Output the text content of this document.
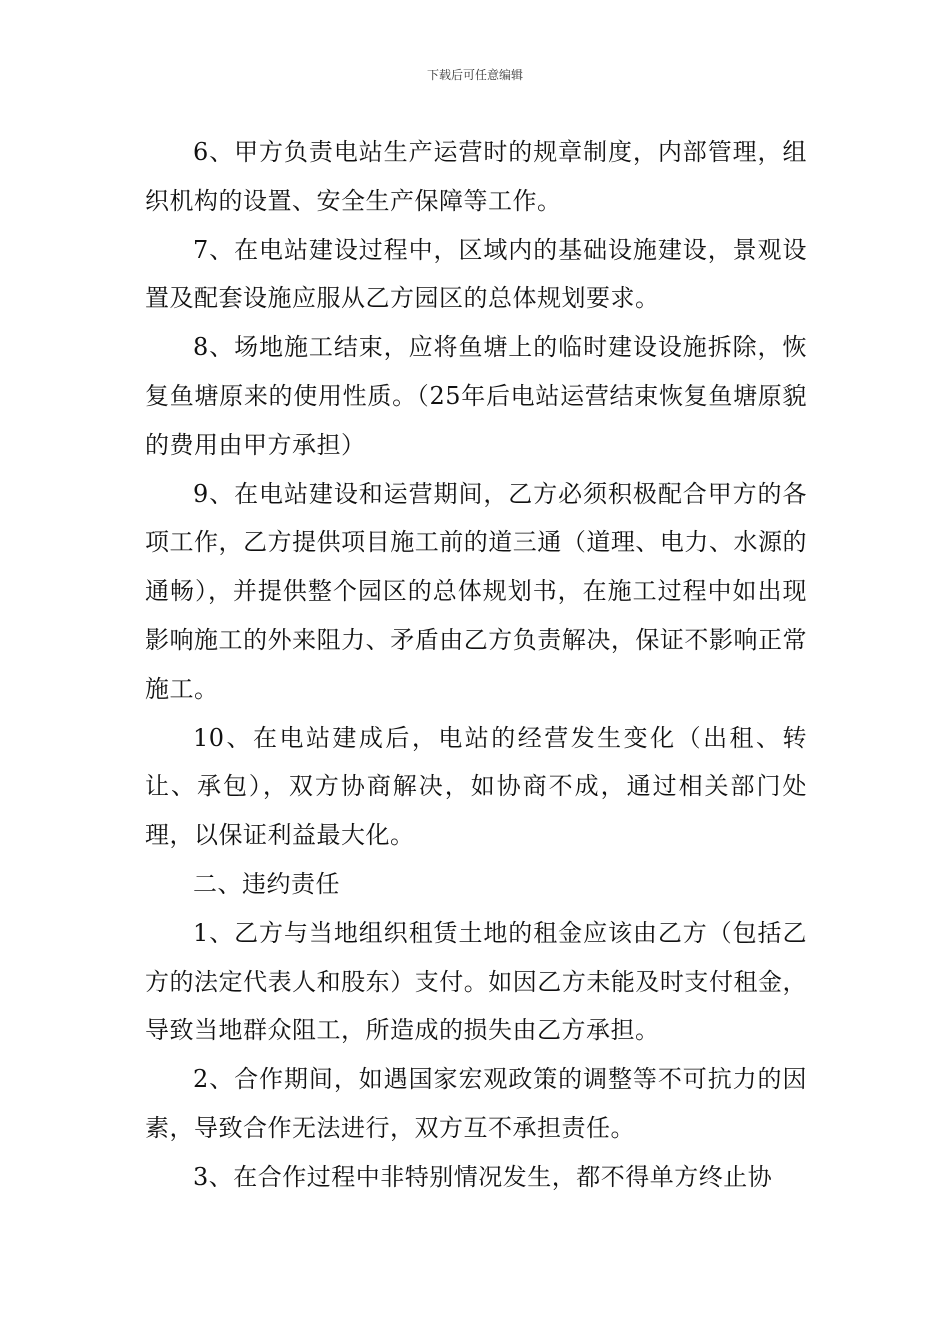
下载后可任意编辑

6、甲方负责电站生产运营时的规章制度，内部管理，组织机构的设置、安全生产保障等工作。

7、在电站建设过程中，区域内的基础设施建设，景观设置及配套设施应服从乙方园区的总体规划要求。

8、场地施工结束，应将鱼塘上的临时建设设施拆除，恢复鱼塘原来的使用性质。（25年后电站运营结束恢复鱼塘原貌的费用由甲方承担）

9、在电站建设和运营期间，乙方必须积极配合甲方的各项工作，乙方提供项目施工前的道三通（道理、电力、水源的通畅），并提供整个园区的总体规划书，在施工过程中如出现影响施工的外来阻力、矛盾由乙方负责解决，保证不影响正常施工。

10、在电站建成后，电站的经营发生变化（出租、转让、承包），双方协商解决，如协商不成，通过相关部门处理，以保证利益最大化。

二、违约责任

1、乙方与当地组织租赁土地的租金应该由乙方（包括乙方的法定代表人和股东）支付。如因乙方未能及时支付租金，导致当地群众阻工，所造成的损失由乙方承担。

2、合作期间，如遇国家宏观政策的调整等不可抗力的因素，导致合作无法进行，双方互不承担责任。

3、在合作过程中非特别情况发生，都不得单方终止协
